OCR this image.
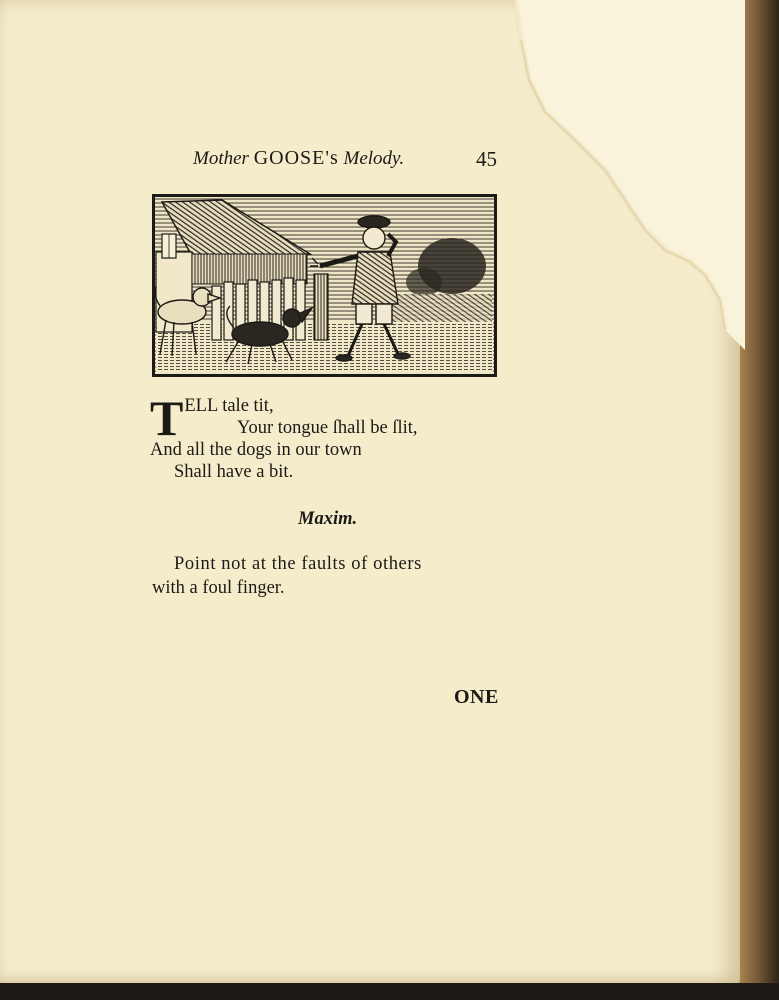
Mother GOOSE's Melody.	45
T ELL tale tit,
Your tongue ſhall be ſlit,
And all the dogs in our town
Shall have a bit.
Maxim.
Point not at the faults of others
with a foul finger.
ONE
